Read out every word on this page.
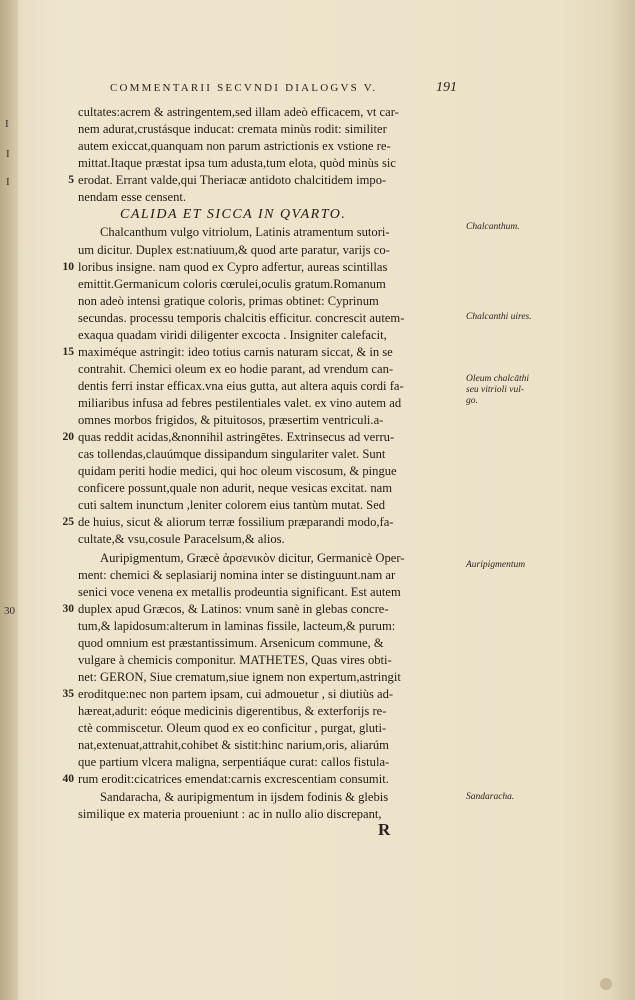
COMMENTARII SECVNDI DIALOGVS V.	191
I
I
I
30
cultates:acrem & astringentem,sed illam adeò efficacem, vt car-
nem adurat,crustásque inducat: cremata minùs rodit: similiter
autem exiccat,quanquam non parum astrictionis ex vstione re-
mittat.Itaque præstat ipsa tum adusta,tum elota, quòd minùs sic
5 erodat. Errant valde,qui Theriacæ antidoto chalcitidem impo-
nendam esse censent.
CALIDA ET SICCA IN QVARTO.
Chalcanthum vulgo vitriolum, Latinis atramentum sutori-
um dicitur. Duplex est:natiuum,& quod arte paratur, varijs co-
10 loribus insigne. nam quod ex Cypro adfertur, aureas scintillas
emittit.Germanicum coloris cœrulei,oculis gratum.Romanum
non adeò intensi gratique coloris, primas obtinet: Cyprinum
secundas. processu temporis chalcitis efficitur. concrescit autem-
exaqua quadam viridi diligenter excocta . Insigniter calefacit,
15 maximéque astringit: ideo totius carnis naturam siccat, & in se
contrahit. Chemici oleum ex eo hodie parant, ad vrendum can-
dentis ferri instar efficax.vna eius gutta, aut altera aquis cordi fa-
miliaribus infusa ad febres pestilentiales valet. ex vino autem ad
omnes morbos frigidos, & pituitosos, præsertim ventriculi.a-
20 quas reddit acidas,&nonnihil astringētes. Extrinsecus ad verru-
cas tollendas,clauúmque dissipandum singulariter valet. Sunt
quidam periti hodie medici, qui hoc oleum viscosum, & pingue
conficere possunt,quale non adurit, neque vesicas excitat. nam
cuti saltem inunctum ,leniter colorem eius tantùm mutat. Sed
25 de huius, sicut & aliorum terræ fossilium præparandi modo,fa-
cultate,& vsu,cosule Paracelsum,& alios.
Auripigmentum, Græcè ἀρσενικὸν dicitur, Germanicè Oper-
ment: chemici & seplasiarij nomina inter se distinguunt.nam ar
senici voce venena ex metallis prodeuntia significant. Est autem
30 duplex apud Græcos, & Latinos: vnum sanè in glebas concre-
tum,& lapidosum:alterum in laminas fissile, lacteum,& purum:
quod omnium est præstantissimum. Arsenicum commune, &
vulgare à chemicis componitur. MATHETES, Quas vires obti-
net: GERON, Siue crematum,siue ignem non expertum,astringit
35 eroditque:nec non partem ipsam, cui admouetur , si diutiùs ad-
hæreat,adurit: eóque medicinis digerentibus, & exterforijs re-
ctè commiscetur. Oleum quod ex eo conficitur , purgat, gluti-
nat,extenuat,attrahit,cohibet & sistit:hinc narium,oris, aliarúm
que partium vlcera maligna, serpentiáque curat: callos fistula-
40 rum erodit:cicatrices emendat:carnis excrescentiam consumit.
Sandaracha, & auripigmentum in ijsdem fodinis & glebis
similique ex materia proueniunt : ac in nullo alio discrepant,
Chalcanthum.
Chalcanthi uires.
Oleum chalcāthi
seu vitrioli vul-
go.
Auripigmentum
Sandaracha.
R
